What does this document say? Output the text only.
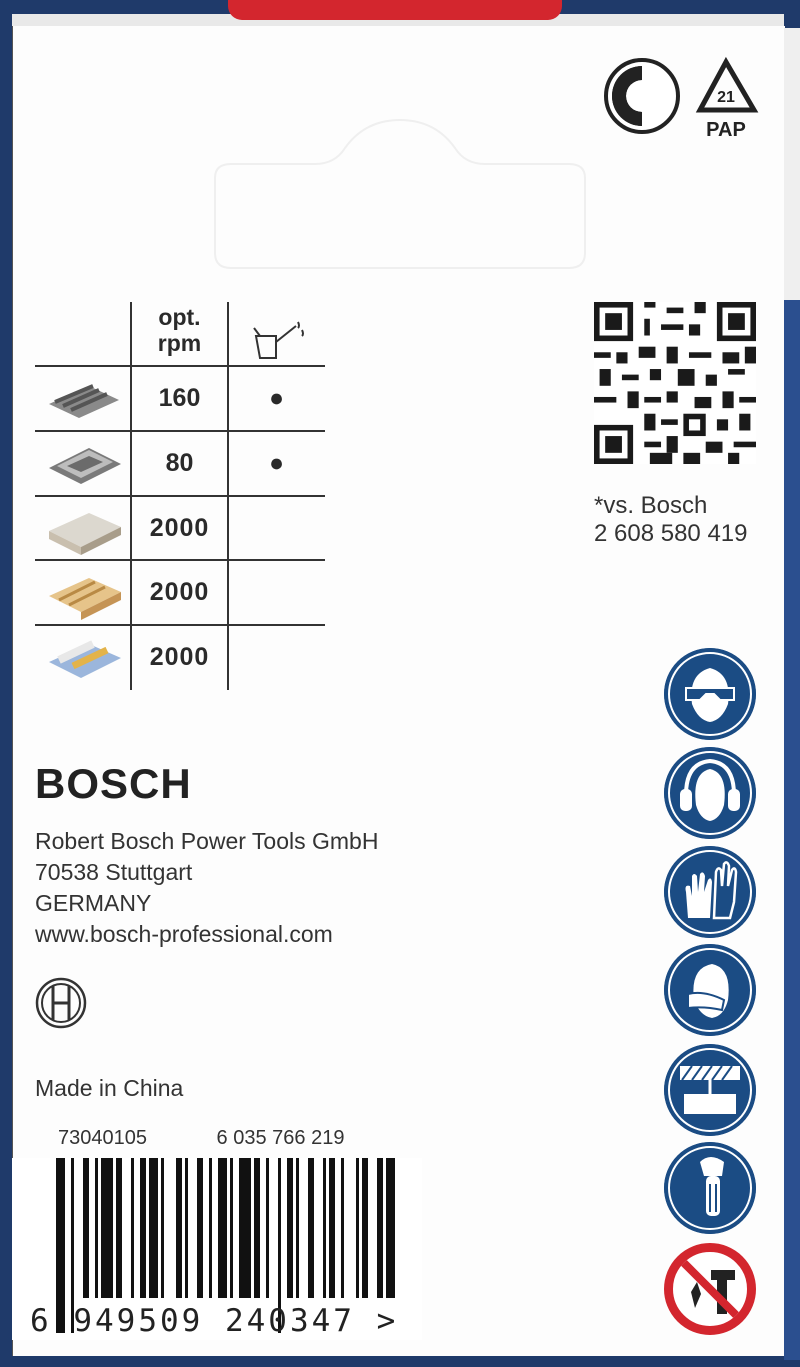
21
PAP
opt.
rpm
160	●
80	●
2000
2000
2000
*vs. Bosch
2 608 580 419
BOSCH
Robert Bosch Power Tools GmbH
70538 Stuttgart
GERMANY
www.bosch-professional.com
Made in China
73040105	6 035 766 219
6 949509 240347 >
